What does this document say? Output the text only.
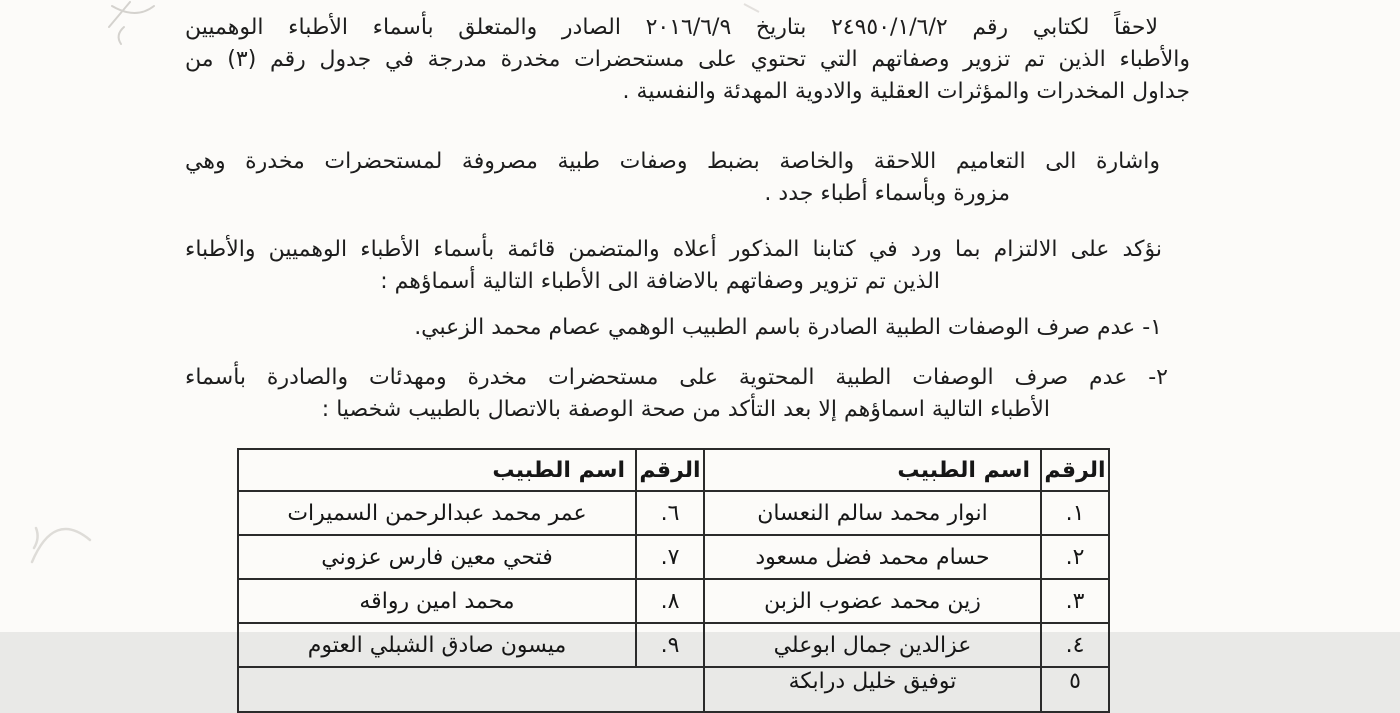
لاحقاً لكتابي رقم ٢٤٩٥٠/١/٦/٢ بتاريخ ٢٠١٦/٦/٩ الصادر والمتعلق بأسماء الأطباء الوهميين
والأطباء الذين تم تزوير وصفاتهم التي تحتوي على مستحضرات مخدرة مدرجة في جدول رقم (٣) من
جداول المخدرات والمؤثرات العقلية والادوية المهدئة والنفسية .
واشارة الى التعاميم اللاحقة والخاصة بضبط وصفات طبية مصروفة لمستحضرات مخدرة وهي
مزورة وبأسماء أطباء جدد .
نؤكد على الالتزام بما ورد في كتابنا المذكور أعلاه والمتضمن قائمة بأسماء الأطباء الوهميين والأطباء
الذين تم تزوير وصفاتهم بالاضافة الى الأطباء التالية أسماؤهم :
١- عدم صرف الوصفات الطبية الصادرة باسم الطبيب الوهمي عصام محمد الزعبي.
٢- عدم صرف الوصفات الطبية المحتوية على مستحضرات مخدرة ومهدئات والصادرة بأسماء
الأطباء التالية اسماؤهم إلا بعد التأكد من صحة الوصفة بالاتصال بالطبيب شخصيا :
الرقم	اسم الطبيب	الرقم	اسم الطبيب
١.	انوار محمد سالم النعسان	٦.	عمر محمد عبدالرحمن السميرات
٢.	حسام محمد فضل مسعود	٧.	فتحي معين فارس عزوني
٣.	زين محمد عضوب الزبن	٨.	محمد امين رواقه
٤.	عزالدين جمال ابوعلي	٩.	ميسون صادق الشبلي العتوم
٥	توفيق خليل درابكة		
